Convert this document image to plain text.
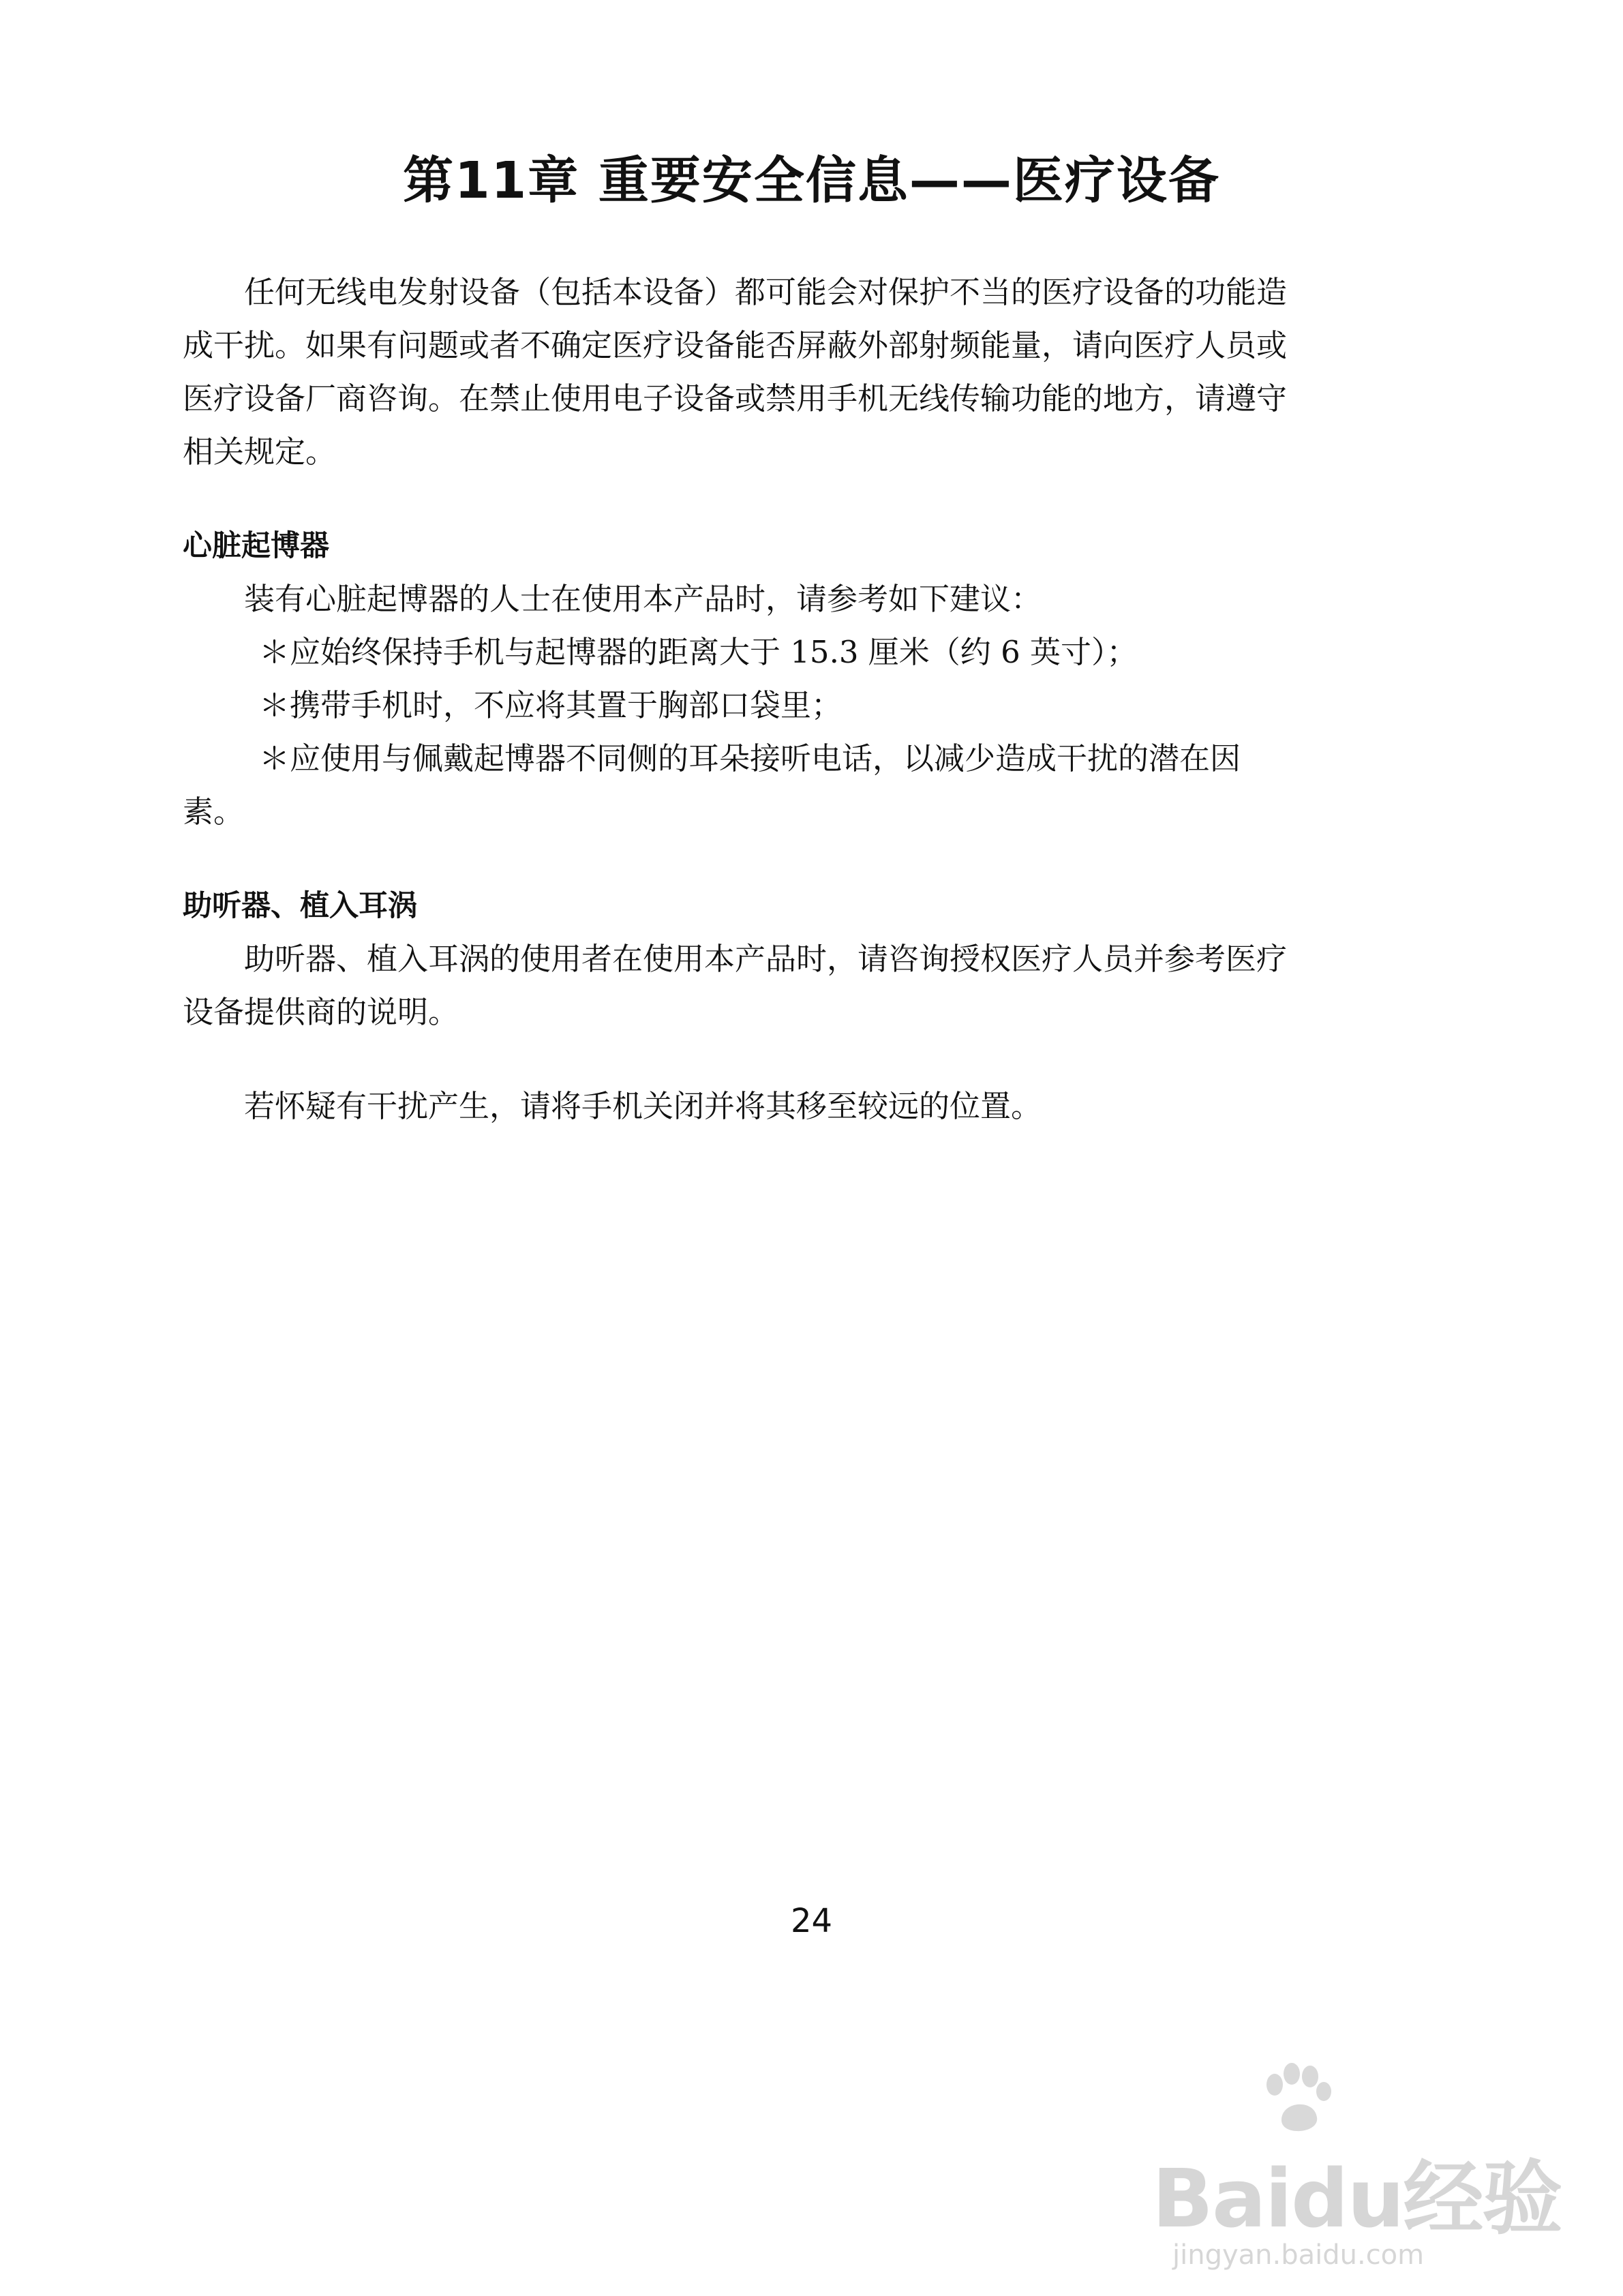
第11章 重要安全信息——医疗设备

任何无线电发射设备（包括本设备）都可能会对保护不当的医疗设备的功能造成干扰。如果有问题或者不确定医疗设备能否屏蔽外部射频能量，请向医疗人员或医疗设备厂商咨询。在禁止使用电子设备或禁用手机无线传输功能的地方，请遵守相关规定。

心脏起博器

装有心脏起博器的人士在使用本产品时，请参考如下建议：

＊应始终保持手机与起博器的距离大于 15.3 厘米（约 6 英寸）；

＊携带手机时，不应将其置于胸部口袋里；

＊应使用与佩戴起博器不同侧的耳朵接听电话，以减少造成干扰的潜在因素。

助听器、植入耳涡

助听器、植入耳涡的使用者在使用本产品时，请咨询授权医疗人员并参考医疗设备提供商的说明。

若怀疑有干扰产生，请将手机关闭并将其移至较远的位置。

24
Baidu经验
jingyan.baidu.com
